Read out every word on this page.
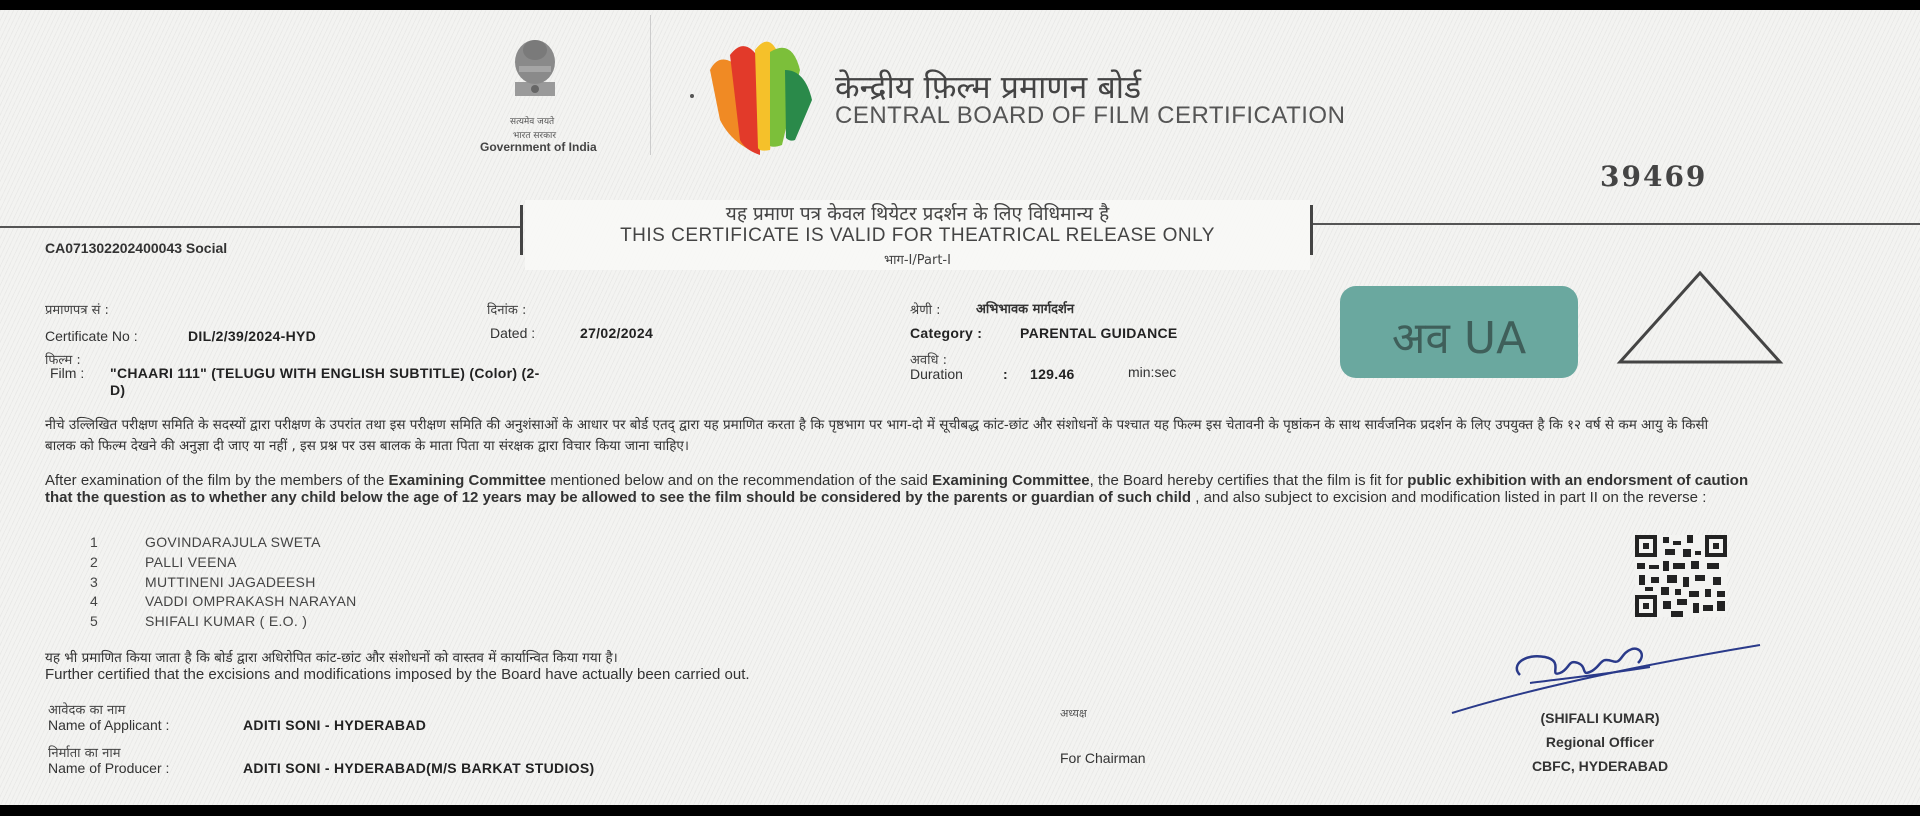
सत्यमेव जयते
भारत सरकार
Government of India
केन्द्रीय फ़िल्म प्रमाणन बोर्ड
CENTRAL BOARD OF FILM CERTIFICATION
39469
यह प्रमाण पत्र केवल थियेटर प्रदर्शन के लिए विधिमान्य है
THIS CERTIFICATE IS VALID FOR THEATRICAL RELEASE ONLY
भाग-I/Part-I
CA071302202400043 Social
प्रमाणपत्र सं :
Certificate No :	DIL/2/39/2024-HYD
दिनांक :
Dated :	27/02/2024
फिल्म :
Film : "CHAARI 111" (TELUGU WITH ENGLISH SUBTITLE) (Color) (2-
D)
श्रेणी :	अभिभावक मार्गदर्शन
Category :	PARENTAL GUIDANCE
अवधि :
Duration	: 129.46	min:sec
अव UA
नीचे उल्लिखित परीक्षण समिति के सदस्यों द्वारा परीक्षण के उपरांत तथा इस परीक्षण समिति की अनुशंसाओं के आधार पर बोर्ड एतद् द्वारा यह प्रमाणित करता है कि पृष्ठभाग पर भाग-दो में सूचीबद्ध कांट-छांट और संशोधनों के पश्चात यह फिल्म इस चेतावनी के पृष्ठांकन के साथ सार्वजनिक प्रदर्शन के लिए उपयुक्त है कि १२ वर्ष से कम आयु के किसी बालक को फिल्म देखने की अनुज्ञा दी जाए या नहीं , इस प्रश्न पर उस बालक के माता पिता या संरक्षक द्वारा विचार किया जाना चाहिए।
After examination of the film by the members of the Examining Committee mentioned below and on the recommendation of the said Examining Committee, the Board hereby certifies that the film is fit for public exhibition with an endorsment of caution that the question as to whether any child below the age of 12 years may be allowed to see the film should be considered by the parents or guardian of such child , and also subject to excision and modification listed in part II on the reverse :
1	GOVINDARAJULA SWETA
2	PALLI VEENA
3	MUTTINENI JAGADEESH
4	VADDI OMPRAKASH NARAYAN
5	SHIFALI KUMAR ( E.O. )
यह भी प्रमाणित किया जाता है कि बोर्ड द्वारा अधिरोपित कांट-छांट और संशोधनों को वास्तव में कार्यान्वित किया गया है।
Further certified that the excisions and modifications imposed by the Board have actually been carried out.
आवेदक का नाम
Name of Applicant :	ADITI SONI - HYDERABAD
निर्माता का नाम
Name of Producer :	ADITI SONI - HYDERABAD(M/S BARKAT STUDIOS)
अध्यक्ष
For Chairman
(SHIFALI KUMAR)
Regional Officer
CBFC, HYDERABAD
